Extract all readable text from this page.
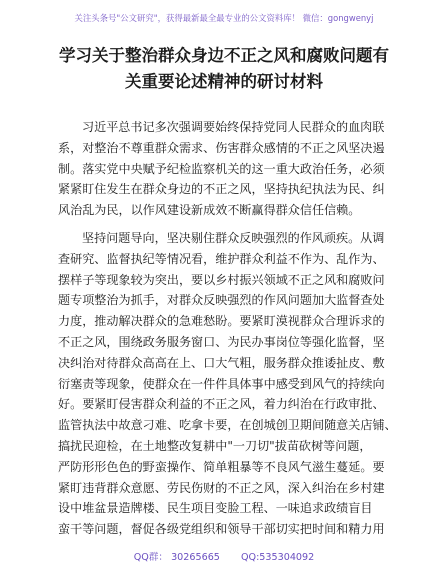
关注头条号"公文研究"，获得最新最全最专业的公文资料库！ 微信：gongwenyj
学习关于整治群众身边不正之风和腐败问题有
关重要论述精神的研讨材料
习近平总书记多次强调要始终保持党同人民群众的血肉联
系，对整治不尊重群众需求、伤害群众感情的不正之风坚决遏
制。落实党中央赋予纪检监察机关的这一重大政治任务，必须
紧紧盯住发生在群众身边的不正之风，坚持执纪执法为民、纠
风治乱为民，以作风建设新成效不断赢得群众信任信赖。
坚持问题导向，坚决剔住群众反映强烈的作风顽疾。从调
查研究、监督执纪等情况看，维护群众利益不作为、乱作为、
摆样子等现象较为突出，要以乡村振兴领域不正之风和腐败问
题专项整治为抓手，对群众反映强烈的作风问题加大监督查处
力度，推动解决群众的急难愁盼。要紧盯漠视群众合理诉求的
不正之风，围绕政务服务窗口、为民办事岗位等强化监督，坚
决纠治对待群众高高在上、口大气粗，服务群众推诿扯皮、敷
衍塞责等现象，使群众在一件件具体事中感受到风气的持续向
好。要紧盯侵害群众利益的不正之风，着力纠治在行政审批、
监管执法中故意刁难、吃拿卡要，在创城创卫期间随意关店铺、
搞扰民迎检，在土地整改复耕中"一刀切"拔苗砍树等问题，
严防形形色色的野蛮操作、简单粗暴等不良风气滋生蔓延。要
紧盯违背群众意愿、劳民伤财的不正之风，深入纠治在乡村建
设中堆盆景造牌楼、民生项目变脸工程、一味追求政绩盲目
蛮干等问题，督促各级党组织和领导干部切实把时间和精力用
QQ群： 30265665 QQ:535304092
